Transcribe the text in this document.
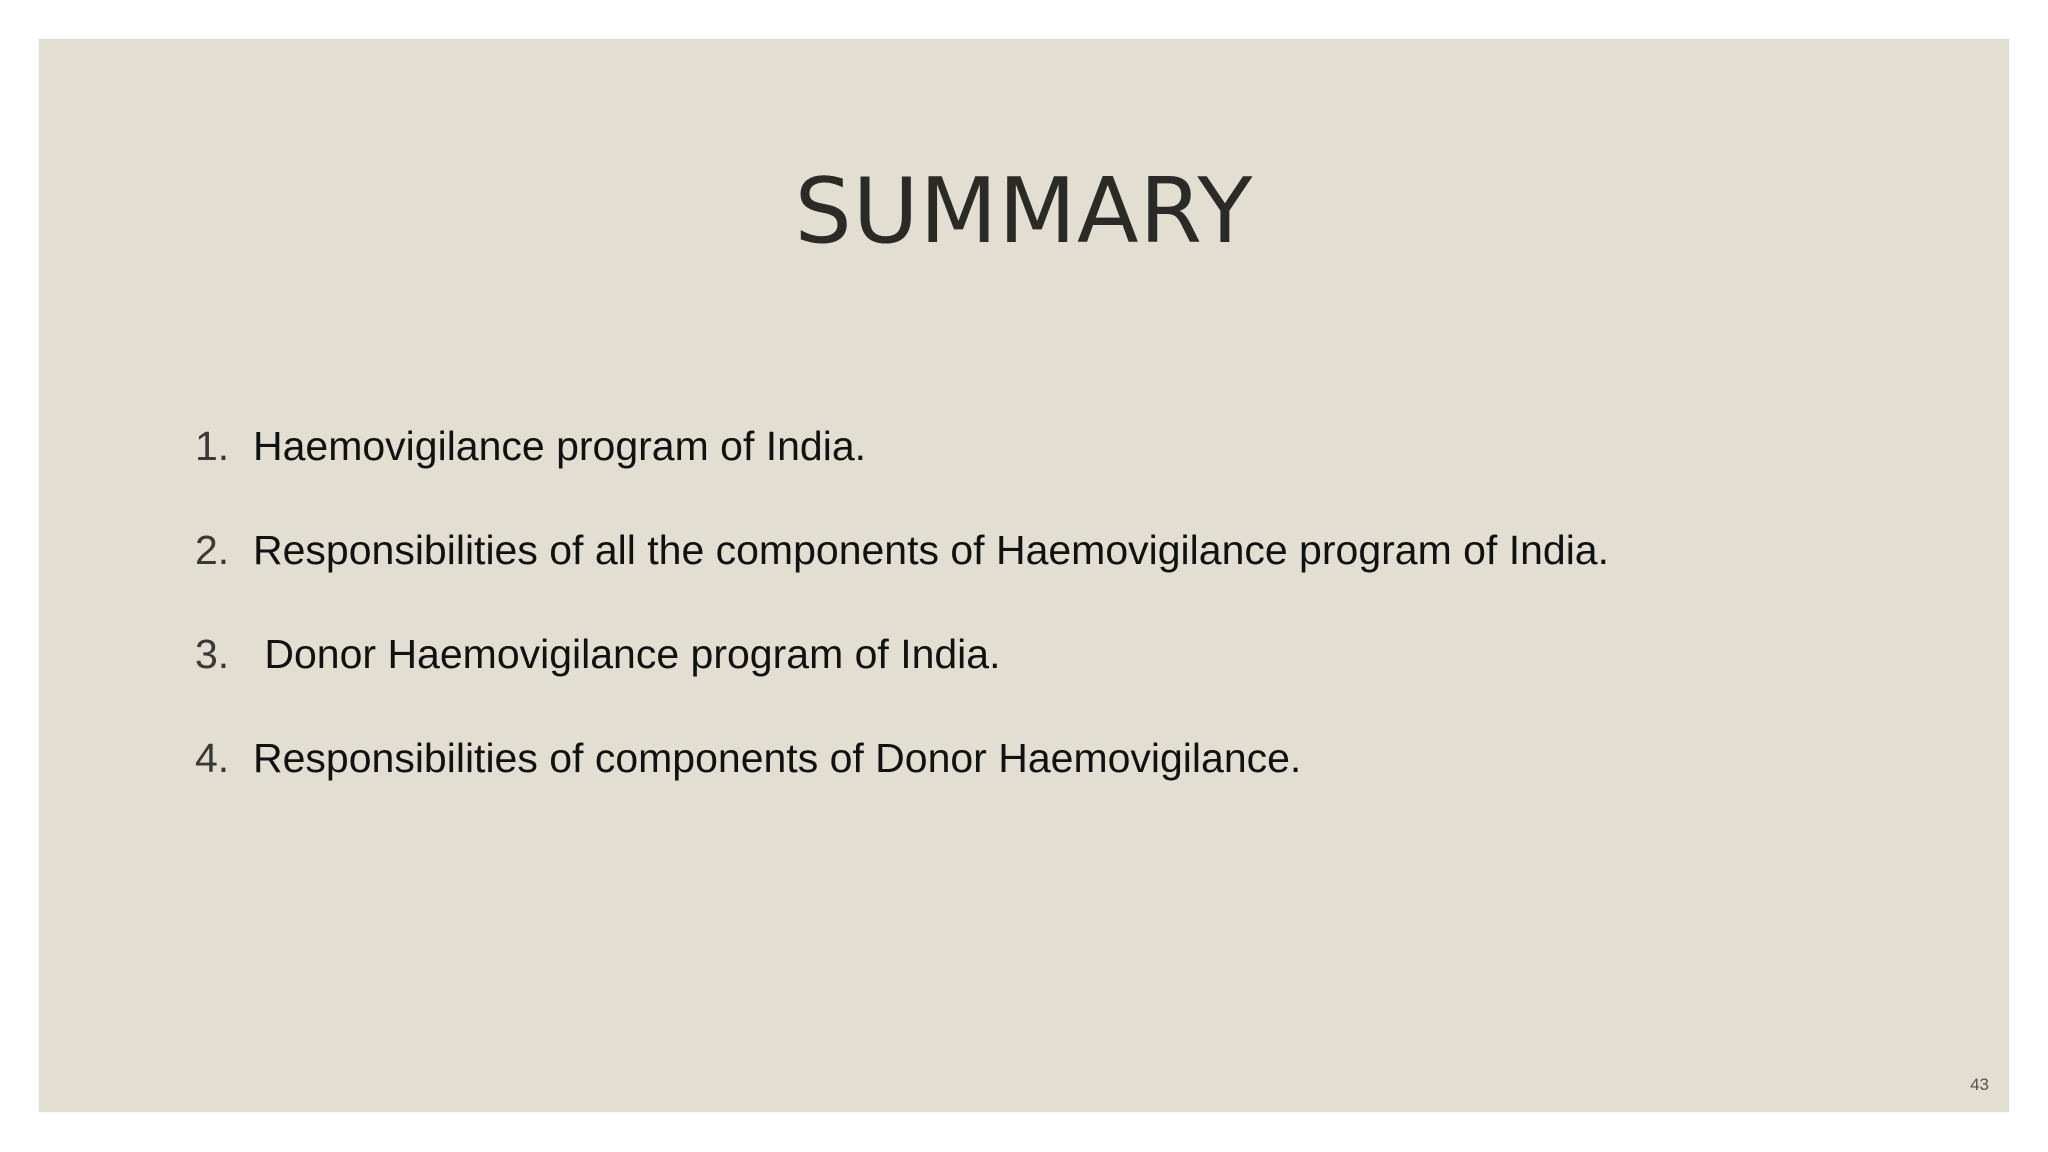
SUMMARY
1. Haemovigilance program of India.
2. Responsibilities of all the components of Haemovigilance program of India.
3. Donor Haemovigilance program of India.
4. Responsibilities of components of Donor Haemovigilance.
43
